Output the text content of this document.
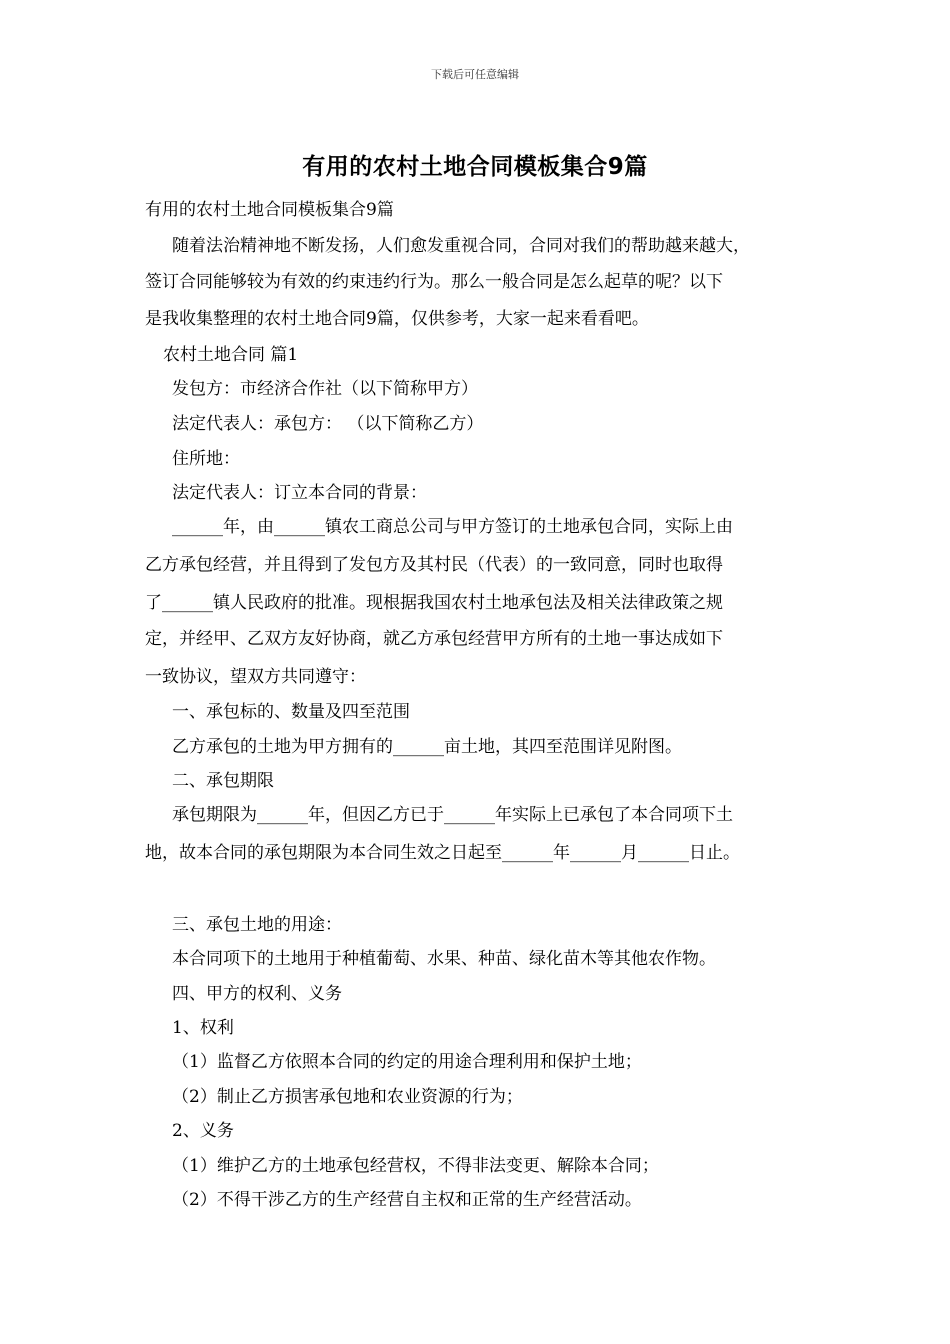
下载后可任意编辑
有用的农村土地合同模板集合9篇
有用的农村土地合同模板集合9篇
随着法治精神地不断发扬，人们愈发重视合同，合同对我们的帮助越来越大，
签订合同能够较为有效的约束违约行为。那么一般合同是怎么起草的呢？以下
是我收集整理的农村土地合同9篇，仅供参考，大家一起来看看吧。
农村土地合同 篇1
发包方：市经济合作社（以下简称甲方）
法定代表人：承包方： （以下简称乙方）
住所地：
法定代表人：订立本合同的背景：
______年，由______镇农工商总公司与甲方签订的土地承包合同，实际上由
乙方承包经营，并且得到了发包方及其村民（代表）的一致同意，同时也取得
了______镇人民政府的批准。现根据我国农村土地承包法及相关法律政策之规
定，并经甲、乙双方友好协商，就乙方承包经营甲方所有的土地一事达成如下
一致协议，望双方共同遵守：
一、承包标的、数量及四至范围
乙方承包的土地为甲方拥有的______亩土地，其四至范围详见附图。
二、承包期限
承包期限为______年，但因乙方已于______年实际上已承包了本合同项下土
地，故本合同的承包期限为本合同生效之日起至______年______月______日止。
三、承包土地的用途：
本合同项下的土地用于种植葡萄、水果、种苗、绿化苗木等其他农作物。
四、甲方的权利、义务
1、权利
（1）监督乙方依照本合同的约定的用途合理利用和保护土地；
（2）制止乙方损害承包地和农业资源的行为；
2、义务
（1）维护乙方的土地承包经营权，不得非法变更、解除本合同；
（2）不得干涉乙方的生产经营自主权和正常的生产经营活动。
